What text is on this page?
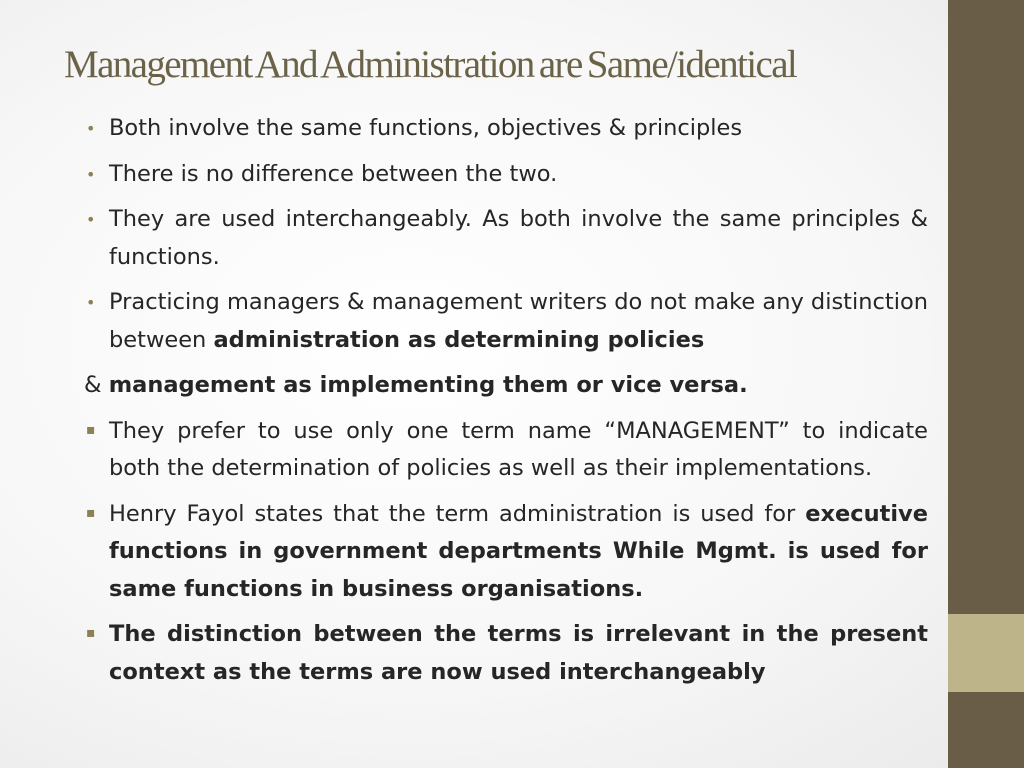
Management And Administration are Same/identical
• Both involve the same functions, objectives & principles
• There is no difference between the two.
• They are used interchangeably. As both involve the same principles & functions.
• Practicing managers & management writers do not make any distinction between administration as determining policies
& management as implementing them or vice versa.
▪ They prefer to use only one term name “MANAGEMENT” to indicate both the determination of policies as well as their implementations.
▪ Henry Fayol states that the term administration is used for executive functions in government departments While Mgmt. is used for same functions in business organisations.
▪ The distinction between the terms is irrelevant in the present context as the terms are now used interchangeably
